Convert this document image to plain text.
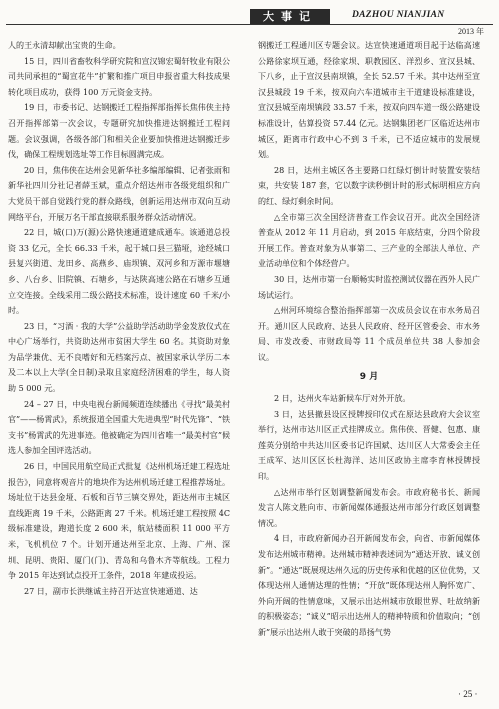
大事记	DAZHOU NIANJIAN
2013 年

人的王永清却献出宝贵的生命。

15 日，四川省畜牧科学研究院和宣汉锦宏蜀轩牧业有限公司共同承担的“蜀宣花牛”扩繁和推广项目申报省重大科技成果转化项目成功，获得 100 万元资金支持。

19 日，市委书记、达钢搬迁工程指挥部指挥长焦伟侠主持召开指挥部第一次会议，专题研究加快推进达钢搬迁工程问题。会议强调，各级各部门和相关企业要加快推进达钢搬迁步伐，确保工程规划选址等工作目标圆满完成。

20 日，焦伟侠在达州会见新华社多编部编辑、记者张雨和新华社四川分社记者薛玉斌，重点介绍达州市各级党组织和广大党员干部自觉践行党的群众路线，创新运用达州市双向互动网络平台，开展万名干部直接联系服务群众活动情况。

22 日，城(口)万(源)公路快速通道建成通车。该通道总投资 33 亿元，全长 66.33 千米，起于城口县三猫垭，途经城口县复兴街道、龙田乡、高燕乡、庙坝镇、双河乡和万源市堰塘乡、八台乡、旧院镇、石塘乡，与达陕高速公路在石塘乡互通立交连接。全线采用二级公路技术标准，设计速度 60 千米/小时。

23 日，“习酒 · 我的大学”公益助学活动助学金发放仪式在中心广场举行，共资助达州市贫困大学生 60 名。其资助对象为品学兼优、无不良嗜好和无档案污点、被国家承认学历二本及二本以上大学(全日制)录取且家庭经济困难的学生，每人资助 5 000 元。

24 – 27 日，中央电视台新闻频道连续播出《寻找“最美村官”——杨霄武》，系统报道全国重大先进典型“时代先锋”、“铁支书”杨霄武的先进事迹。他被确定为四川省唯一“最美村官”候选人参加全国评选活动。

26 日，中国民用航空局正式批复《达州机场迁建工程选址报告》，同意将观音片的地块作为达州机场迁建工程推荐场址。场址位于达县金垭、石板和百节三镇交界处，距达州市主城区直线距离 19 千米，公路距离 27 千米。机场迁建工程按照 4C 级标准建设，跑道长度 2 600 米，航站楼面积 11 000 平方米，飞机机位 7 个。计划开通达州至北京、上海、广州、深圳、昆明、贵阳、厦门(门)、青岛和乌鲁木齐等航线。工程力争 2015 年达到试点投开工条件，2018 年建成投运。

27 日，副市长洪继诚主持召开达宣快速通道、达

钢搬迁工程通川区专题会议。达宣快速通道项目起于达临高速公路徐家坝互通，经徐家坝、职教园区、洋烈乡、宣汉县城、下八乡，止于宣汉县南坝镇，全长 52.57 千米。其中达州至宣汉县城段 19 千米，按双向六车道城市主干道建设标准建设，宣汉县城至南坝镇段 33.57 千米，按双向四车道一级公路建设标准设计，估算投资 57.44 亿元。达钢集团老厂区临近达州市城区，距离市行政中心不到 3 千米，已不适应城市的发展规划。

28 日，达州主城区各主要路口红绿灯倒计时装置安装结束，共安装 187 套，它以数字读秒倒计时的形式标明相应方向的红、绿灯剩余时间。

△全市第三次全国经济普查工作会议召开。此次全国经济普查从 2012 年 11 月启动，到 2015 年底结束，分四个阶段开展工作。普查对象为从事第二、三产业的全部法人单位、产业活动单位和个体经营户。

30 日，达州市第一台顺畅实时监控测试仪器在西外人民广场试运行。

△州河环境综合整治指挥部第一次成员会议在市水务局召开。通川区人民政府、达县人民政府、经开区管委会、市水务局、市发改委、市财政局等 11 个成员单位共 38 人参加会议。

9 月

2 日，达州火车站新候车厅对外开放。

3 日，达县撤县设区授牌授印仪式在原达县政府大会议室举行，达州市达川区正式挂牌成立。焦伟侠、晋健、包惠、康莲英分别给中共达川区委书记许国斌、达川区人大常委会主任王成军、达川区区长杜海洋、达川区政协主席李育林授牌授印。

△达州市举行区划调整新闻发布会。市政府秘书长、新闻发言人陈文胜向市、市新闻媒体通报达州市部分行政区划调整情况。

4 日，市政府新闻办召开新闻发布会，向省、市新闻媒体发布达州城市精神。达州城市精神表述词为“通达开放、诚义创新”。“通达”既展现达州久远的历史传承和优越的区位优势，又体现达州人通情达理的性情；“开放”既体现达州人胸怀宽广、外向开阔的性情意味，又展示出达州城市放眼世界、吐故纳新的积极姿态；“诚义”昭示出达州人的精神特质和价值取向；“创新”展示出达州人敢于突破的昂扬气势

· 25 ·
